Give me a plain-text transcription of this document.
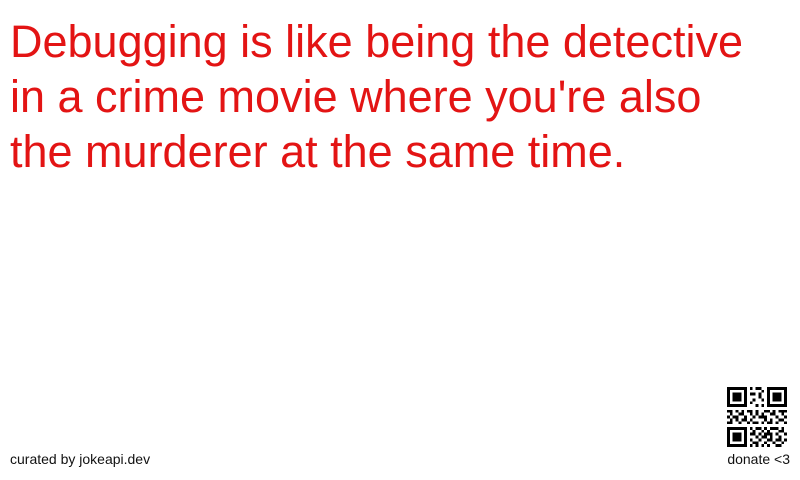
Debugging is like being the detective in a crime movie where you're also the murderer at the same time.

curated by jokeapi.dev	donate <3
